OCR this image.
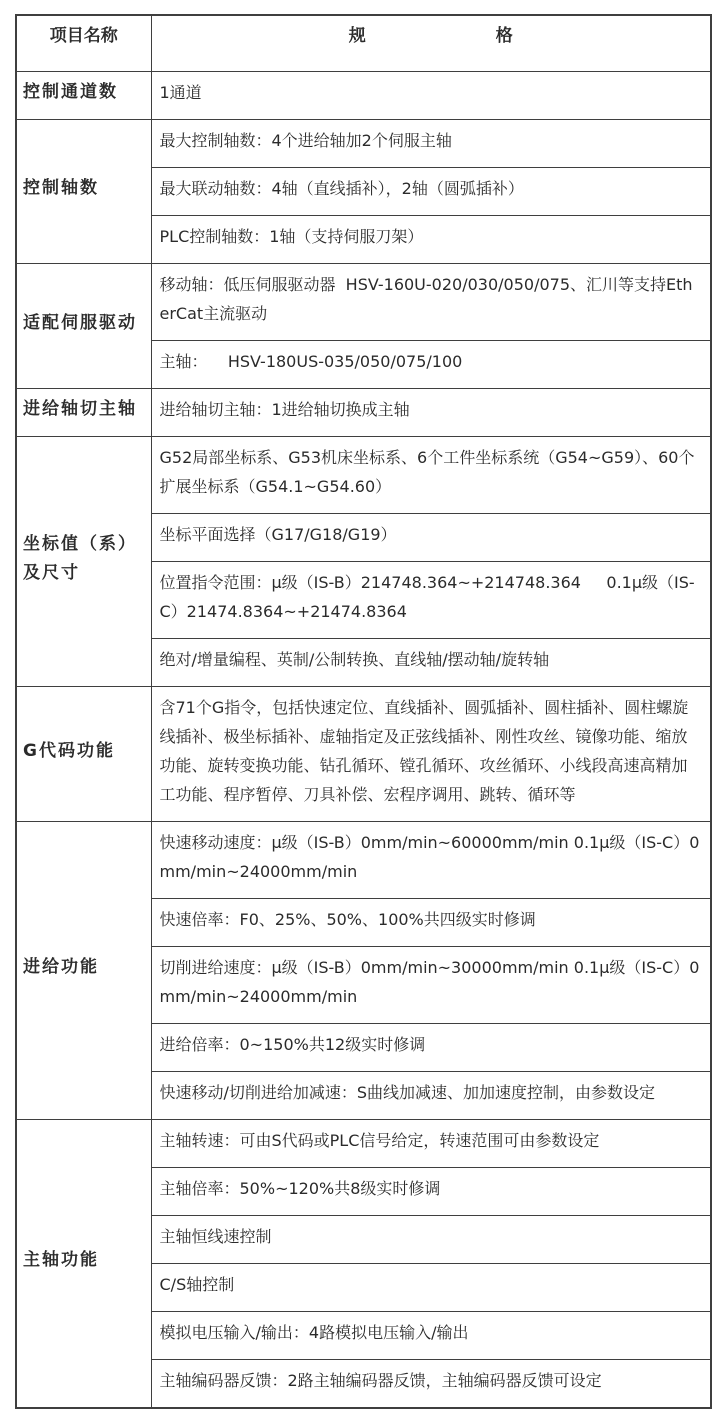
项目名称	规 格

控制通道数	1通道
控制轴数	最大控制轴数：4个进给轴加2个伺服主轴
	最大联动轴数：4轴（直线插补），2轴（圆弧插补）
	PLC控制轴数：1轴（支持伺服刀架）
适配伺服驱动	移动轴：低压伺服驱动器  HSV-160U-020/030/050/075、汇川等支持EtherCat主流驱动
	主轴：    HSV-180US-035/050/075/100
进给轴切主轴	进给轴切主轴：1进给轴切换成主轴
坐标值（系）及尺寸	G52局部坐标系、G53机床坐标系、6个工件坐标系统（G54~G59）、60个扩展坐标系（G54.1~G54.60）
	坐标平面选择（G17/G18/G19）
	位置指令范围：μ级（IS-B）214748.364~+214748.364     0.1μ级（IS-C）21474.8364~+21474.8364
	绝对/增量编程、英制/公制转换、直线轴/摆动轴/旋转轴
G代码功能	含71个G指令，包括快速定位、直线插补、圆弧插补、圆柱插补、圆柱螺旋线插补、极坐标插补、虚轴指定及正弦线插补、刚性攻丝、镜像功能、缩放功能、旋转变换功能、钻孔循环、镗孔循环、攻丝循环、小线段高速高精加工功能、程序暂停、刀具补偿、宏程序调用、跳转、循环等
进给功能	快速移动速度：μ级（IS-B）0mm/min~60000mm/min 0.1μ级（IS-C）0mm/min~24000mm/min
	快速倍率：F0、25%、50%、100%共四级实时修调
	切削进给速度：μ级（IS-B）0mm/min~30000mm/min 0.1μ级（IS-C）0mm/min~24000mm/min
	进给倍率：0~150%共12级实时修调
	快速移动/切削进给加减速：S曲线加减速、加加速度控制，由参数设定
主轴功能	主轴转速：可由S代码或PLC信号给定，转速范围可由参数设定
	主轴倍率：50%~120%共8级实时修调
	主轴恒线速控制
	C/S轴控制
	模拟电压输入/输出：4路模拟电压输入/输出
	主轴编码器反馈：2路主轴编码器反馈，主轴编码器反馈可设定
